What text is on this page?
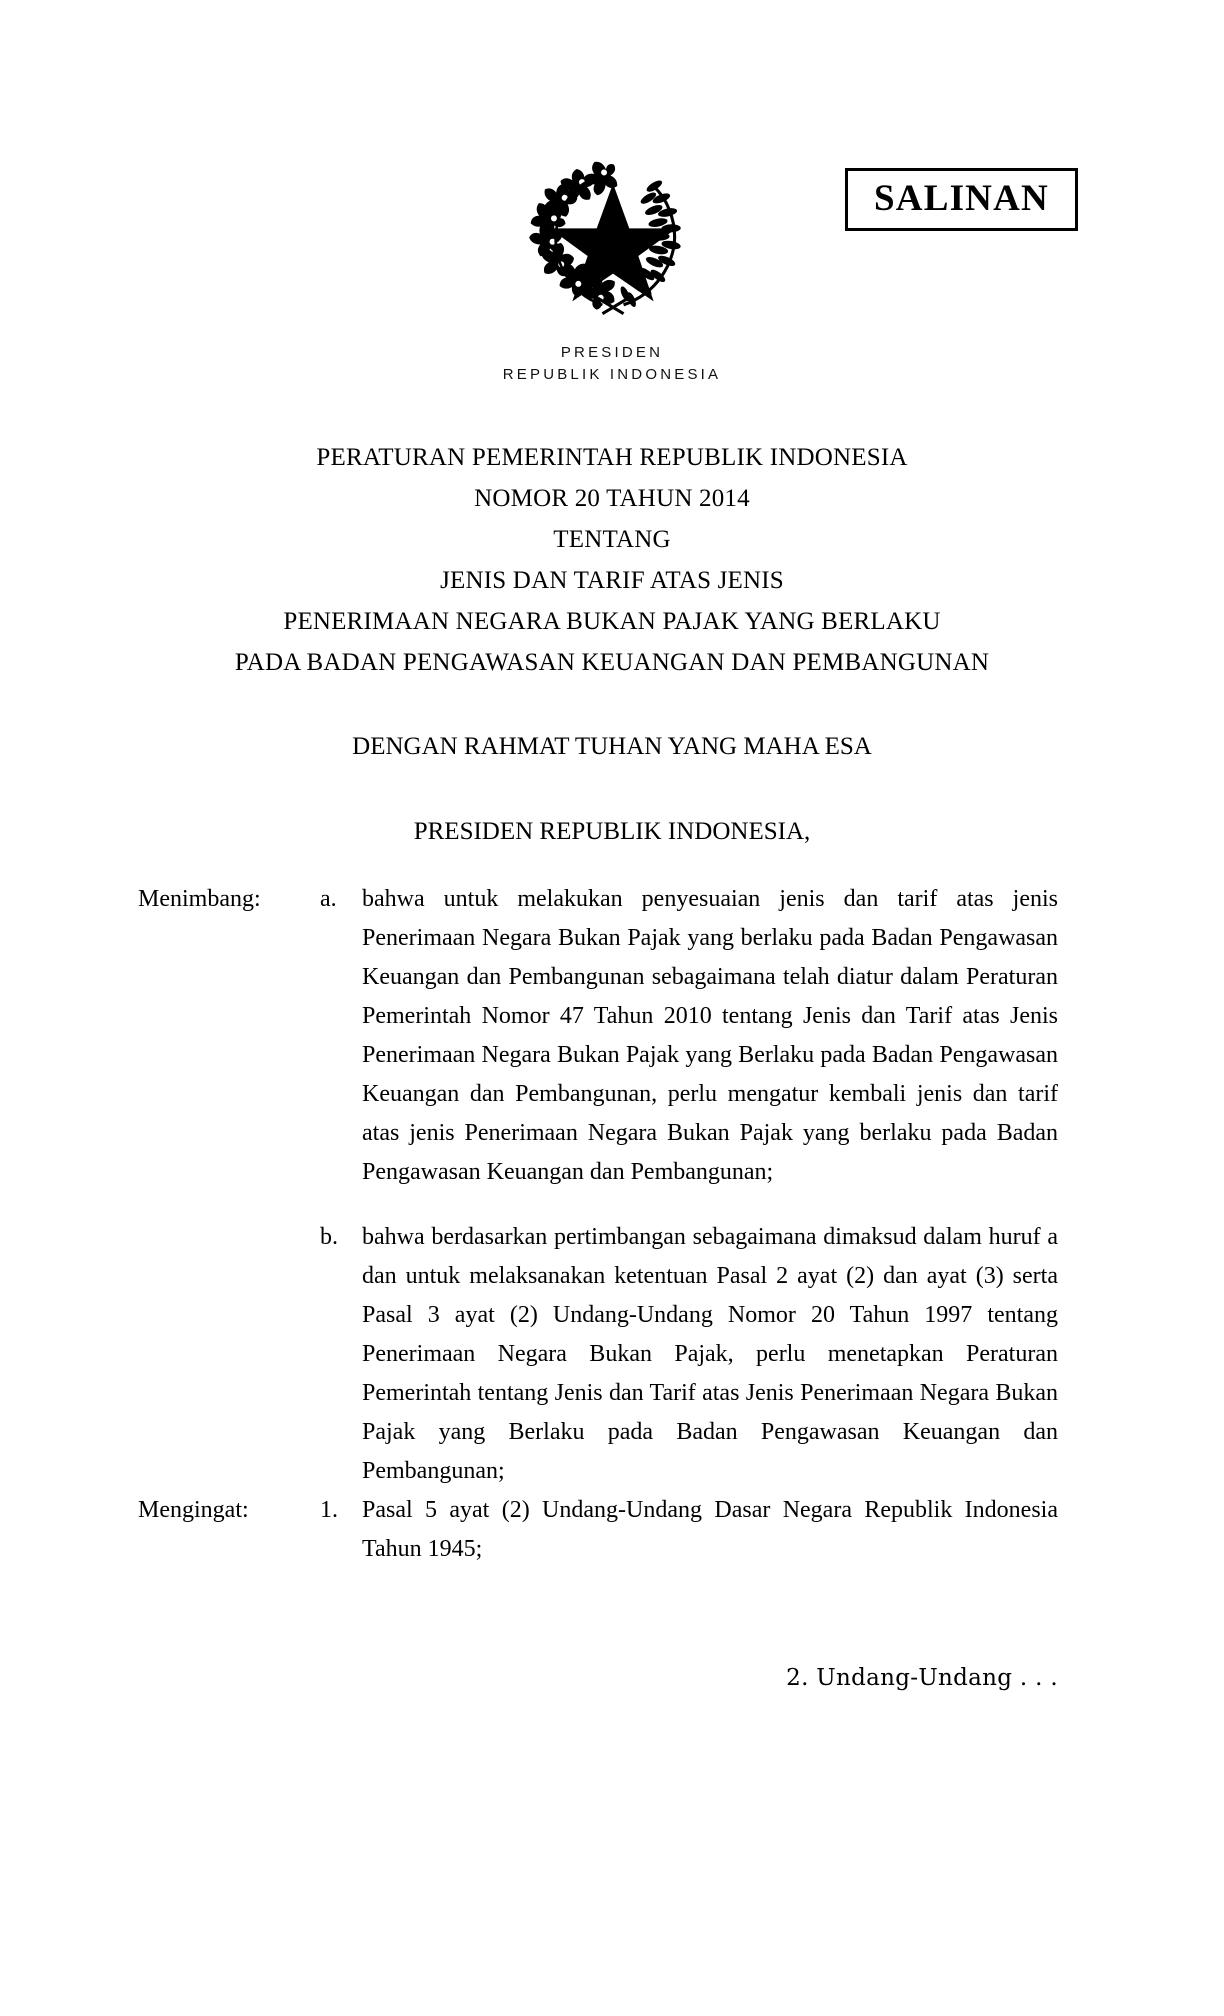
SALINAN
PRESIDEN
REPUBLIK INDONESIA
PERATURAN PEMERINTAH REPUBLIK INDONESIA
NOMOR 20 TAHUN 2014
TENTANG
JENIS DAN TARIF ATAS JENIS
PENERIMAAN NEGARA BUKAN PAJAK YANG BERLAKU
PADA BADAN PENGAWASAN KEUANGAN DAN PEMBANGUNAN
DENGAN RAHMAT TUHAN YANG MAHA ESA
PRESIDEN REPUBLIK INDONESIA,
Menimbang:	a.	bahwa untuk melakukan penyesuaian jenis dan tarif atas jenis Penerimaan Negara Bukan Pajak yang berlaku pada Badan Pengawasan Keuangan dan Pembangunan sebagaimana telah diatur dalam Peraturan Pemerintah Nomor 47 Tahun 2010 tentang Jenis dan Tarif atas Jenis Penerimaan Negara Bukan Pajak yang Berlaku pada Badan Pengawasan Keuangan dan Pembangunan, perlu mengatur kembali jenis dan tarif atas jenis Penerimaan Negara Bukan Pajak yang berlaku pada Badan Pengawasan Keuangan dan Pembangunan;
b.	bahwa berdasarkan pertimbangan sebagaimana dimaksud dalam huruf a dan untuk melaksanakan ketentuan Pasal 2 ayat (2) dan ayat (3) serta Pasal 3 ayat (2) Undang-Undang Nomor 20 Tahun 1997 tentang Penerimaan Negara Bukan Pajak, perlu menetapkan Peraturan Pemerintah tentang Jenis dan Tarif atas Jenis Penerimaan Negara Bukan Pajak yang Berlaku pada Badan Pengawasan Keuangan dan Pembangunan;
Mengingat:	1.	Pasal 5 ayat (2) Undang-Undang Dasar Negara Republik Indonesia Tahun 1945;
2. Undang-Undang . . .
